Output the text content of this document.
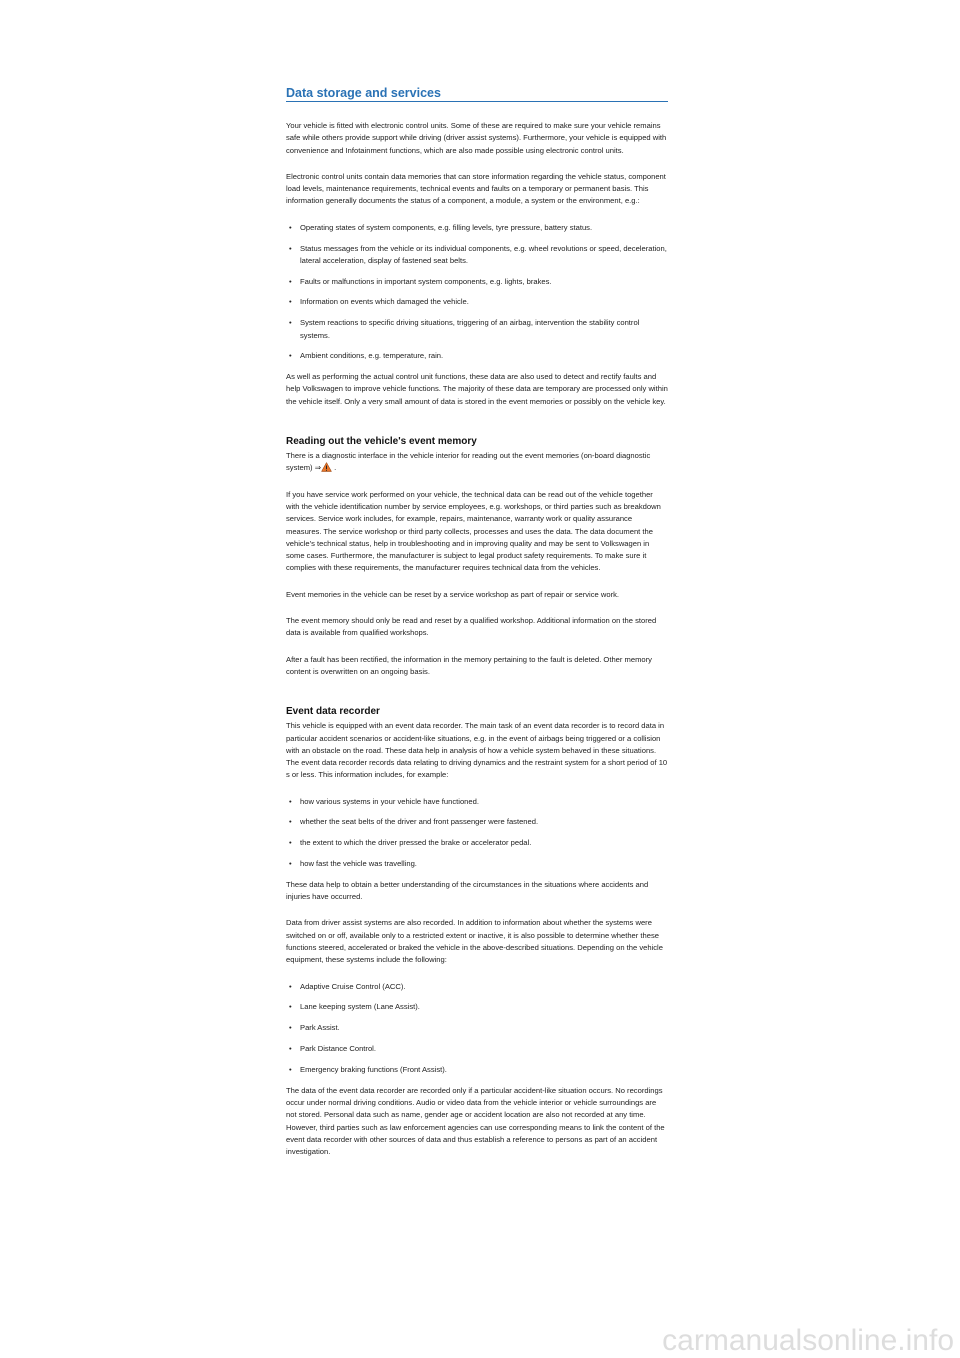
Data storage and services

Your vehicle is fitted with electronic control units. Some of these are required to make sure your vehicle remains safe while others provide support while driving (driver assist systems). Furthermore, your vehicle is equipped with convenience and Infotainment functions, which are also made possible using electronic control units.

Electronic control units contain data memories that can store information regarding the vehicle status, component load levels, maintenance requirements, technical events and faults on a temporary or permanent basis. This information generally documents the status of a component, a module, a system or the environment, e.g.:

• Operating states of system components, e.g. filling levels, tyre pressure, battery status.
• Status messages from the vehicle or its individual components, e.g. wheel revolutions or speed, deceleration, lateral acceleration, display of fastened seat belts.
• Faults or malfunctions in important system components, e.g. lights, brakes.
• Information on events which damaged the vehicle.
• System reactions to specific driving situations, triggering of an airbag, intervention the stability control systems.
• Ambient conditions, e.g. temperature, rain.

As well as performing the actual control unit functions, these data are also used to detect and rectify faults and help Volkswagen to improve vehicle functions. The majority of these data are temporary are processed only within the vehicle itself. Only a very small amount of data is stored in the event memories or possibly on the vehicle key.

Reading out the vehicle's event memory

There is a diagnostic interface in the vehicle interior for reading out the event memories (on-board diagnostic system) ⇒ .

If you have service work performed on your vehicle, the technical data can be read out of the vehicle together with the vehicle identification number by service employees, e.g. workshops, or third parties such as breakdown services. Service work includes, for example, repairs, maintenance, warranty work or quality assurance measures. The service workshop or third party collects, processes and uses the data. The data document the vehicle's technical status, help in troubleshooting and in improving quality and may be sent to Volkswagen in some cases. Furthermore, the manufacturer is subject to legal product safety requirements. To make sure it complies with these requirements, the manufacturer requires technical data from the vehicles.

Event memories in the vehicle can be reset by a service workshop as part of repair or service work.

The event memory should only be read and reset by a qualified workshop. Additional information on the stored data is available from qualified workshops.

After a fault has been rectified, the information in the memory pertaining to the fault is deleted. Other memory content is overwritten on an ongoing basis.

Event data recorder

This vehicle is equipped with an event data recorder. The main task of an event data recorder is to record data in particular accident scenarios or accident-like situations, e.g. in the event of airbags being triggered or a collision with an obstacle on the road. These data help in analysis of how a vehicle system behaved in these situations. The event data recorder records data relating to driving dynamics and the restraint system for a short period of 10 s or less. This information includes, for example:

• how various systems in your vehicle have functioned.
• whether the seat belts of the driver and front passenger were fastened.
• the extent to which the driver pressed the brake or accelerator pedal.
• how fast the vehicle was travelling.

These data help to obtain a better understanding of the circumstances in the situations where accidents and injuries have occurred.

Data from driver assist systems are also recorded. In addition to information about whether the systems were switched on or off, available only to a restricted extent or inactive, it is also possible to determine whether these functions steered, accelerated or braked the vehicle in the above-described situations. Depending on the vehicle equipment, these systems include the following:

• Adaptive Cruise Control (ACC).
• Lane keeping system (Lane Assist).
• Park Assist.
• Park Distance Control.
• Emergency braking functions (Front Assist).

The data of the event data recorder are recorded only if a particular accident-like situation occurs. No recordings occur under normal driving conditions. Audio or video data from the vehicle interior or vehicle surroundings are not stored. Personal data such as name, gender age or accident location are also not recorded at any time. However, third parties such as law enforcement agencies can use corresponding means to link the content of the event data recorder with other sources of data and thus establish a reference to persons as part of an accident investigation.

carmanualsonline.info
